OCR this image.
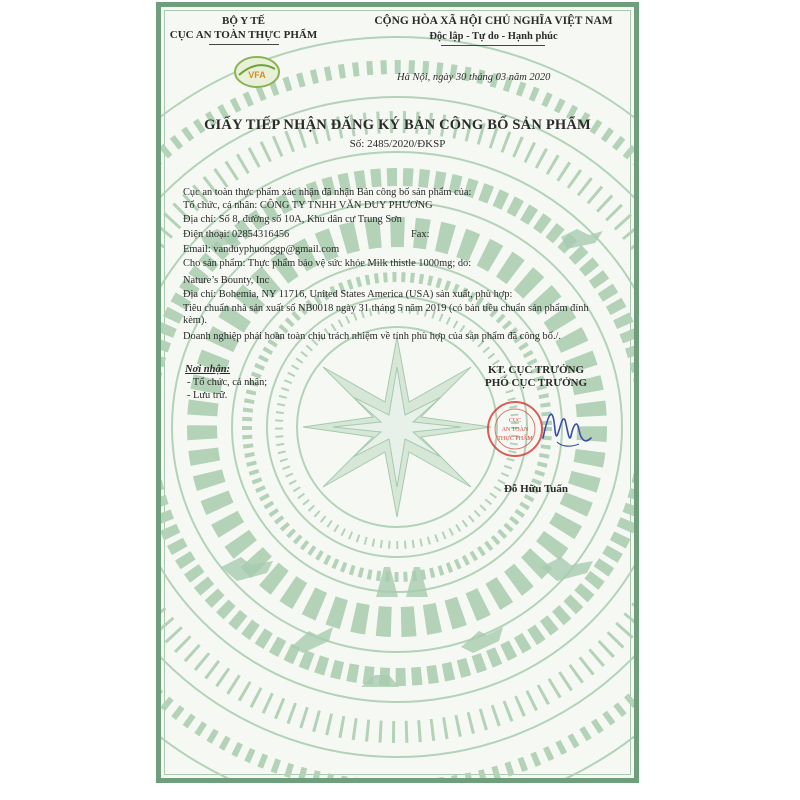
BỘ Y TẾ
CỤC AN TOÀN THỰC PHẨM
VFA
CỘNG HÒA XÃ HỘI CHỦ NGHĨA VIỆT NAM
Độc lập - Tự do - Hạnh phúc
Hà Nội, ngày 30 tháng 03 năm 2020
GIẤY TIẾP NHẬN ĐĂNG KÝ BẢN CÔNG BỐ SẢN PHẨM
Số: 2485/2020/ĐKSP
Cục an toàn thực phẩm xác nhận đã nhận Bản công bố sản phẩm của:
Tổ chức, cá nhân: CÔNG TY TNHH VĂN DUY PHƯƠNG
Địa chỉ: Số 8, đường số 10A, Khu dân cư Trung Sơn
Điện thoại: 02854316456	Fax:
Email: vanduyphuonggp@gmail.com
Cho sản phẩm: Thực phẩm bảo vệ sức khỏe Milk thistle 1000mg; do:
Nature’s Bounty, Inc
Địa chỉ: Bohemia, NY 11716, United States America (USA) sản xuất, phù hợp:
Tiêu chuẩn nhà sản xuất số NB0018 ngày 31 tháng 5 năm 2019 (có bản tiêu chuẩn sản phẩm đính kèm).
Doanh nghiệp phải hoàn toàn chịu trách nhiệm về tính phù hợp của sản phẩm đã công bố./.
Nơi nhận:
- Tổ chức, cá nhân;
- Lưu trữ.
KT. CỤC TRƯỞNG
PHÓ CỤC TRƯỞNG
CỤC
AN TOÀN
THỰC PHẨM
Đỗ Hữu Tuấn
